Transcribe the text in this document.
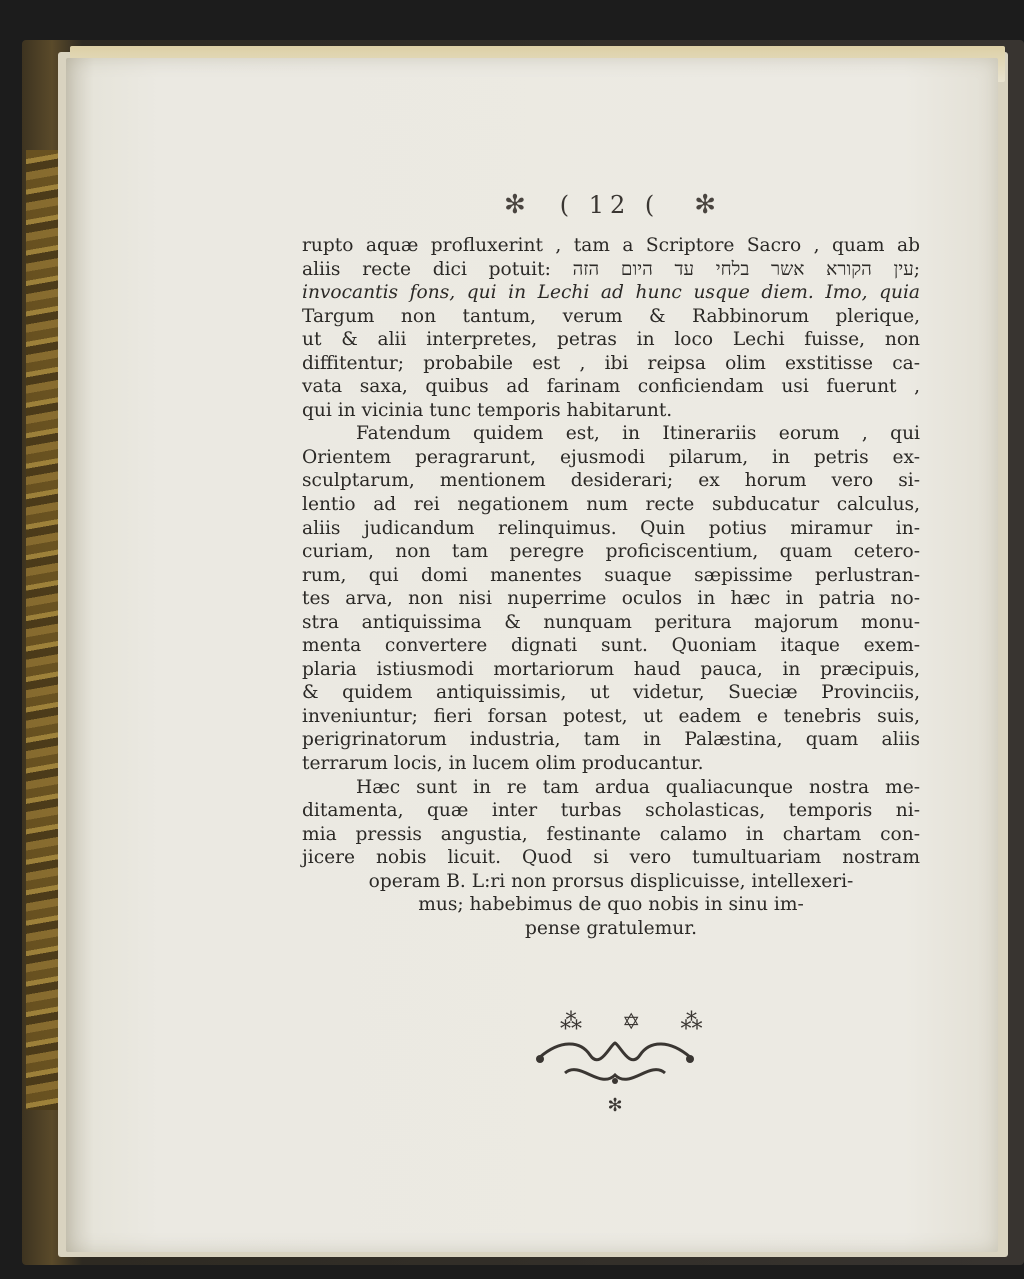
✻ ( 12 ( ✻
rupto aquæ profluxerint , tam a Scriptore Sacro , quam ab
aliis recte dici potuit: עין הקורא אשר בלחי עד היום הזה;
invocantis fons, qui in Lechi ad hunc usque diem. Imo, quia
Targum non tantum, verum & Rabbinorum plerique,
ut & alii interpretes, petras in loco Lechi fuisse, non
diffitentur; probabile est , ibi reipsa olim exstitisse ca-
vata saxa, quibus ad farinam conficiendam usi fuerunt ,
qui in vicinia tunc temporis habitarunt.
Fatendum quidem est, in Itinerariis eorum , qui
Orientem peragrarunt, ejusmodi pilarum, in petris ex-
sculptarum, mentionem desiderari; ex horum vero si-
lentio ad rei negationem num recte subducatur calculus,
aliis judicandum relinquimus. Quin potius miramur in-
curiam, non tam peregre proficiscentium, quam cetero-
rum, qui domi manentes suaque sæpissime perlustran-
tes arva, non nisi nuperrime oculos in hæc in patria no-
stra antiquissima & nunquam peritura majorum monu-
menta convertere dignati sunt. Quoniam itaque exem-
plaria istiusmodi mortariorum haud pauca, in præcipuis,
& quidem antiquissimis, ut videtur, Sueciæ Provinciis,
inveniuntur; fieri forsan potest, ut eadem e tenebris suis,
perigrinatorum industria, tam in Palæstina, quam aliis
terrarum locis, in lucem olim producantur.
Hæc sunt in re tam ardua qualiacunque nostra me-
ditamenta, quæ inter turbas scholasticas, temporis ni-
mia pressis angustia, festinante calamo in chartam con-
jicere nobis licuit. Quod si vero tumultuariam nostram
operam B. L:ri non prorsus displicuisse, intellexeri-
mus; habebimus de quo nobis in sinu im-
pense gratulemur.
⁂✡⁂
✻
